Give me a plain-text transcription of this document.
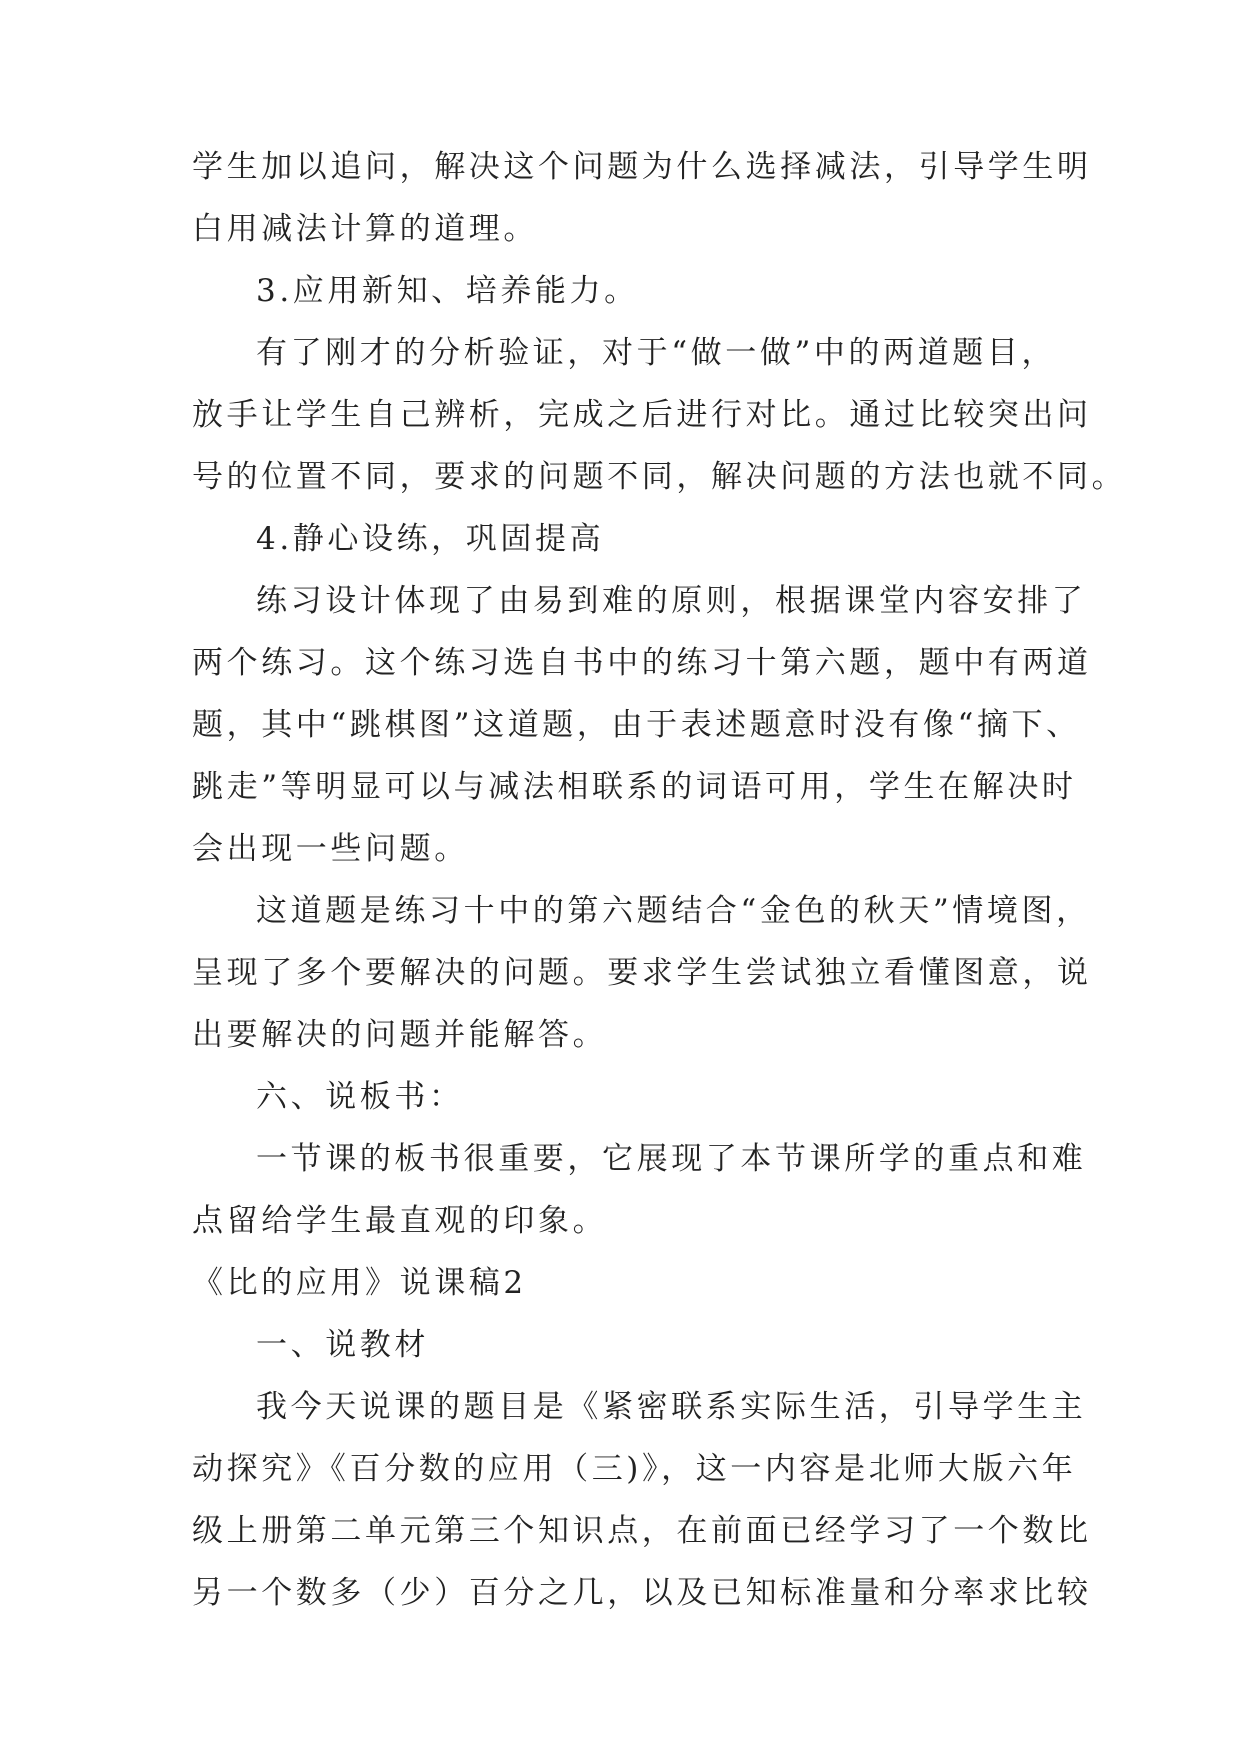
学生加以追问，解决这个问题为什么选择减法，引导学生明
白用减法计算的道理。
3.应用新知、培养能力。
有了刚才的分析验证，对于“做一做”中的两道题目，
放手让学生自己辨析，完成之后进行对比。通过比较突出问
号的位置不同，要求的问题不同，解决问题的方法也就不同。
4.静心设练，巩固提高
练习设计体现了由易到难的原则，根据课堂内容安排了
两个练习。这个练习选自书中的练习十第六题，题中有两道
题，其中“跳棋图”这道题，由于表述题意时没有像“摘下、
跳走”等明显可以与减法相联系的词语可用，学生在解决时
会出现一些问题。
这道题是练习十中的第六题结合“金色的秋天”情境图，
呈现了多个要解决的问题。要求学生尝试独立看懂图意，说
出要解决的问题并能解答。
六、说板书：
一节课的板书很重要，它展现了本节课所学的重点和难
点留给学生最直观的印象。
《比的应用》说课稿2
一、说教材
我今天说课的题目是《紧密联系实际生活，引导学生主
动探究》《百分数的应用（三)》，这一内容是北师大版六年
级上册第二单元第三个知识点，在前面已经学习了一个数比
另一个数多（少）百分之几，以及已知标准量和分率求比较
